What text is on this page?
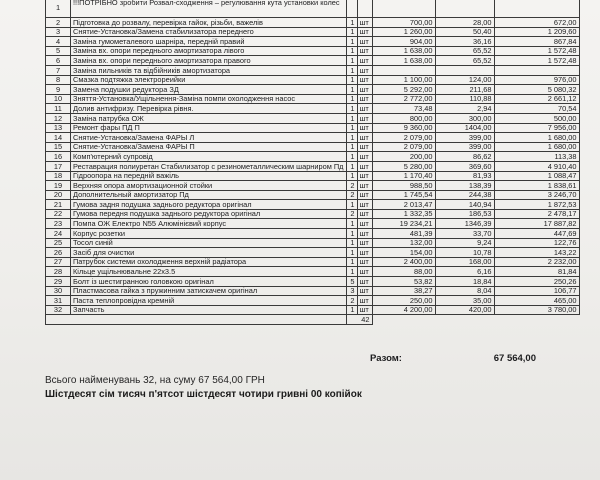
1	!!!ПОТРІБНО зробити Розвал-сходження – регулювання кута установки колес					
2	Підготовка до розвалу, перевірка гайок, різьби, важелів	1	шт	700,00	28,00	672,00
3	Снятие-Установка/Замена стабилизатора переднего	1	шт	1 260,00	50,40	1 209,60
4	Заміна гумометалевого шарніра, передній правий	1	шт	904,00	36,16	867,84
5	Заміна вх. опори переднього амортизатора лівого	1	шт	1 638,00	65,52	1 572,48
6	Заміна вх. опори переднього амортизатора правого	1	шт	1 638,00	65,52	1 572,48
7	Заміна пильників та відбійників амортизатора	1	шт			
8	Смазка подтяжка электрореийки	1	шт	1 100,00	124,00	976,00
9	Замена подушки редуктора ЗД	1	шт	5 292,00	211,68	5 080,32
10	Зняття-Установка/Ущільнення-Заміна помпи охолодження насос	1	шт	2 772,00	110,88	2 661,12
11	Долив антифризу. Перевірка рівня.	1	шт	73,48	2,94	70,54
12	Заміна патрубка ОЖ	1	шт	800,00	300,00	500,00
13	Ремонт фары ПД П	1	шт	9 360,00	1404,00	7 956,00
14	Снятие-Установка/Замена ФАРЫ Л	1	шт	2 079,00	399,00	1 680,00
15	Снятие-Установка/Замена ФАРЫ П	1	шт	2 079,00	399,00	1 680,00
16	Комп'ютерний супровід	1	шт	200,00	86,62	113,38
17	Реставрация полиуретан Стабилизатор с резинометаллическим шарниром Пд	1	шт	5 280,00	369,60	4 910,40
18	Гідроопора на передній важіль	1	шт	1 170,40	81,93	1 088,47
19	Верхняя опора амортизационной стойки	2	шт	988,50	138,39	1 838,61
20	Дополнительный амортизатор Пд	2	шт	1 745,54	244,38	3 246,70
21	Гумова задня подушка заднього редуктора оригінал	1	шт	2 013,47	140,94	1 872,53
22	Гумова передня подушка заднього редуктора оригінал	2	шт	1 332,35	186,53	2 478,17
23	Помпа ОЖ Електро N55 Алюмінієвий корпус	1	шт	19 234,21	1346,39	17 887,82
24	Корпус розетки	1	шт	481,39	33,70	447,69
25	Тосол синій	1	шт	132,00	9,24	122,76
26	Засіб для очистки	1	шт	154,00	10,78	143,22
27	Патрубок системи охолодження верхній радіатора	1	шт	2 400,00	168,00	2 232,00
28	Кільце ущільнювальне 22х3.5	1	шт	88,00	6,16	81,84
29	Болт із шестигранною головкою оригінал	5	шт	53,82	18,84	250,26
30	Пластмасова гайка з пружинним затискачем оригінал	3	шт	38,27	8,04	106,77
31	Паста теплопровідна кремній	2	шт	250,00	35,00	465,00
32	Запчасть	1	шт	4 200,00	420,00	3 780,00
		42				
Разом:	67 564,00
Всього найменувань 32, на суму 67 564,00 ГРН
Шістдесят сім тисяч п'ятсот шістдесят чотири гривні 00 копійок
